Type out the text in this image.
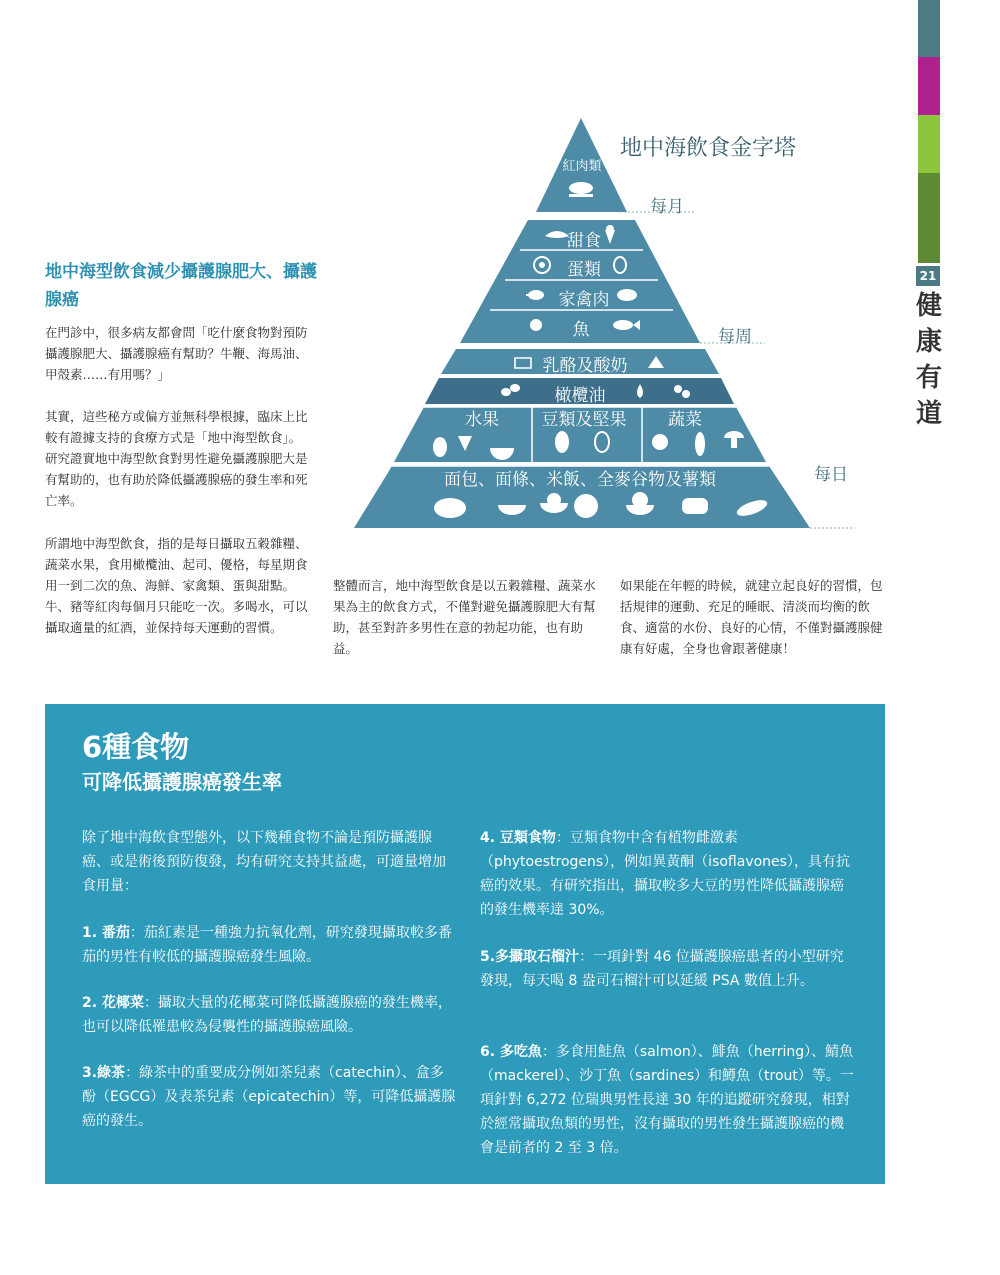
21
健
康
有
道
地中海型飲食減少攝護腺肥大、攝護腺癌
在門診中，很多病友都會問「吃什麼食物對預防攝護腺肥大、攝護腺癌有幫助？牛鞭、海馬油、甲殼素……有用嗎？」
其實，這些秘方或偏方並無科學根據，臨床上比較有證據支持的食療方式是「地中海型飲食」。研究證實地中海型飲食對男性避免攝護腺肥大是有幫助的，也有助於降低攝護腺癌的發生率和死亡率。
所謂地中海型飲食，指的是每日攝取五穀雜糧、蔬菜水果，食用橄欖油、起司、優格，每星期食用一到二次的魚、海鮮、家禽類、蛋與甜點。牛、豬等紅肉每個月只能吃一次。多喝水，可以攝取適量的紅酒，並保持每天運動的習慣。
整體而言，地中海型飲食是以五穀雜糧、蔬菜水果為主的飲食方式，不僅對避免攝護腺肥大有幫助，甚至對許多男性在意的勃起功能，也有助益。
如果能在年輕的時候，就建立起良好的習慣，包括規律的運動、充足的睡眠、清淡而均衡的飲食、適當的水份、良好的心情，不僅對攝護腺健康有好處，全身也會跟著健康！
地中海飲食金字塔
每月
每周
每日
紅肉類
甜食
蛋類
家禽肉
魚
乳酪及酸奶
橄欖油
水果	豆類及堅果	蔬菜
面包、面條、米飯、全麥谷物及薯類
6種食物
可降低攝護腺癌發生率
除了地中海飲食型態外，以下幾種食物不論是預防攝護腺癌、或是術後預防復發，均有研究支持其益處，可適量增加食用量：
1. 番茄：茄紅素是一種強力抗氧化劑，研究發現攝取較多番茄的男性有較低的攝護腺癌發生風險。
2. 花椰菜：攝取大量的花椰菜可降低攝護腺癌的發生機率，也可以降低罹患較為侵襲性的攝護腺癌風險。
3.綠茶：綠茶中的重要成分例如茶兒素（catechin）、盒多酚（EGCG）及表茶兒素（epicatechin）等，可降低攝護腺癌的發生。
4. 豆類食物：豆類食物中含有植物雌激素（phytoestrogens），例如異黃酮（isoflavones），具有抗癌的效果。有研究指出，攝取較多大豆的男性降低攝護腺癌的發生機率達 30%。
5.多攝取石榴汁：一項針對 46 位攝護腺癌患者的小型研究發現，每天喝 8 盎司石榴汁可以延緩 PSA 數值上升。
6. 多吃魚：多食用鮭魚（salmon）、鯡魚（herring）、鯖魚（mackerel）、沙丁魚（sardines）和鱒魚（trout）等。一項針對 6,272 位瑞典男性長達 30 年的追蹤研究發現，相對於經常攝取魚類的男性，沒有攝取的男性發生攝護腺癌的機會是前者的 2 至 3 倍。
